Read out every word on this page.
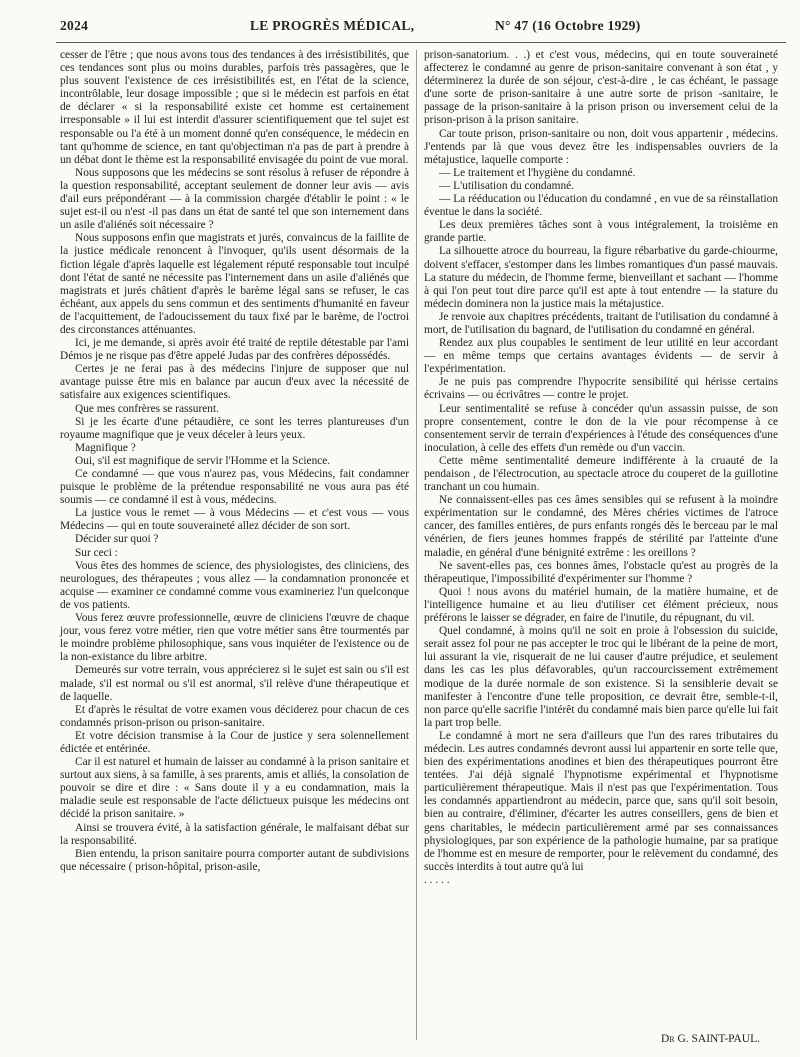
2024	LE PROGRÈS MÉDICAL,	N° 47 (16 Octobre 1929)

cesser de l'être ; que nous avons tous des tendances à des irrésistibilités, que ces tendances sont plus ou moins durables, parfois très passagères, que le plus souvent l'existence de ces irrésistibilités est, en l'état de la science, incontrôlable, leur dosage impossible ; que si le médecin est parfois en état de déclarer « si la responsabilité existe cet homme est certainement irresponsable » il lui est interdit d'assurer scientifiquement que tel sujet est responsable ou l'a été à un moment donné qu'en conséquence, le médecin en tant qu'homme de science, en tant qu'objectiman n'a pas de part à prendre à un débat dont le thème est la responsabilité envisagée du point de vue moral.

Nous supposons que les médecins se sont résolus à refuser de répondre à la question responsabilité, acceptant seulement de donner leur avis — avis d'ail eurs prépondérant — à la commission chargée d'établir le point : « le sujet est-il ou n'est -il pas dans un état de santé tel que son internement dans un asile d'aliénés soit nécessaire ?

Nous supposons enfin que magistrats et jurés, convaincus de la faillite de la justice médicale renoncent à l'invoquer, qu'ils usent désormais de la fiction légale d'après laquelle est légalement réputé responsable tout inculpé dont l'état de santé ne nécessite pas l'internement dans un asile d'aliénés que magistrats et jurés châtient d'après le barème légal sans se refuser, le cas échéant, aux appels du sens commun et des sentiments d'humanité en faveur de l'acquittement, de l'adoucissement du taux fixé par le barème, de l'octroi des circonstances atténuantes.

Ici, je me demande, si après avoir été traité de reptile détestable par l'ami Démos je ne risque pas d'être appelé Judas par des confrères dépossédés.

Certes je ne ferai pas à des médecins l'injure de supposer que nul avantage puisse être mis en balance par aucun d'eux avec la nécessité de satisfaire aux exigences scientifiques.

Que mes confrères se rassurent.

Si je les écarte d'une pétaudière, ce sont les terres plantureuses d'un royaume magnifique que je veux déceler à leurs yeux.

Magnifique ?

Oui, s'il est magnifique de servir l'Homme et la Science.

Ce condamné — que vous n'aurez pas, vous Médecins, fait condamner puisque le problème de la prétendue responsabilité ne vous aura pas été soumis — ce condamné il est à vous, médecins.

La justice vous le remet — à vous Médecins — et c'est vous — vous Médecins — qui en toute souveraineté allez décider de son sort.

Décider sur quoi ?

Sur ceci :

Vous êtes des hommes de science, des physiologistes, des cliniciens, des neurologues, des thérapeutes ; vous allez — la condamnation prononcée et acquise — examiner ce condamné comme vous examineriez l'un quelconque de vos patients.

Vous ferez œuvre professionnelle, œuvre de cliniciens l'œuvre de chaque jour, vous ferez votre métier, rien que votre métier sans être tourmentés par le moindre problème philosophique, sans vous inquiéter de l'existence ou de la non-existance du libre arbitre.

Demeurés sur votre terrain, vous apprécierez si le sujet est sain ou s'il est malade, s'il est normal ou s'il est anormal, s'il relève d'une thérapeutique et de laquelle.

Et d'après le résultat de votre examen vous déciderez pour chacun de ces condamnés prison-prison ou prison-sanitaire.

Et votre décision transmise à la Cour de justice y sera solennellement édictée et entérinée.

Car il est naturel et humain de laisser au condamné à la prison sanitaire et surtout aux siens, à sa famille, à ses prarents, amis et alliés, la consolation de pouvoir se dire et dire : « Sans doute il y a eu condamnation, mais la maladie seule est responsable de l'acte délictueux puisque les médecins ont décidé la prison sanitaire. »

Ainsi se trouvera évité, à la satisfaction générale, le malfaisant débat sur la responsabilité.

Bien entendu, la prison sanitaire pourra comporter autant de subdivisions que nécessaire ( prison-hôpital, prison-asile,

prison-sanatorium. . .) et c'est vous, médecins, qui en toute souveraineté affecterez le condamné au genre de prison-sanitaire convenant à son état , y déterminerez la durée de son séjour, c'est-à-dire , le cas échéant, le passage d'une sorte de prison-sanitaire à une autre sorte de prison -sanitaire, le passage de la prison-sanitaire à la prison prison ou inversement celui de la prison-prison à la prison sanitaire.

Car toute prison, prison-sanitaire ou non, doit vous appartenir , médecins. J'entends par là que vous devez être les indispensables ouvriers de la métajustice, laquelle comporte :

— Le traitement et l'hygiène du condamné.

— L'utilisation du condamné.

— La rééducation ou l'éducation du condamné , en vue de sa réinstallation éventue le dans la société.

Les deux premières tâches sont à vous intégralement, la troisième en grande partie.

La silhouette atroce du bourreau, la figure rébarbative du garde-chiourme, doivent s'effacer, s'estomper dans les limbes romantiques d'un passé mauvais. La stature du médecin, de l'homme ferme, bienveillant et sachant — l'homme à qui l'on peut tout dire parce qu'il est apte à tout entendre — la stature du médecin dominera non la justice mais la métajustice.

Je renvoie aux chapitres précédents, traitant de l'utilisation du condamné à mort, de l'utilisation du bagnard, de l'utilisation du condamné en général.

Rendez aux plus coupables le sentiment de leur utilité en leur accordant — en même temps que certains avantages évidents — de servir à l'expérimentation.

Je ne puis pas comprendre l'hypocrite sensibilité qui hérisse certains écrivains — ou écrivâtres — contre le projet.

Leur sentimentalité se refuse à concéder qu'un assassin puisse, de son propre consentement, contre le don de la vie pour récompense à ce consentement servir de terrain d'expériences à l'étude des conséquences d'une inoculation, à celle des effets d'un remède ou d'un vaccin.

Cette même sentimentalité demeure indifférente à la cruauté de la pendaison , de l'électrocution, au spectacle atroce du couperet de la guillotine tranchant un cou humain.

Ne connaissent-elles pas ces âmes sensibles qui se refusent à la moindre expérimentation sur le condamné, des Mères chéries victimes de l'atroce cancer, des familles entières, de purs enfants rongés dès le berceau par le mal vénérien, de fiers jeunes hommes frappés de stérilité par l'atteinte d'une maladie, en général d'une bénignité extrême : les oreillons ?

Ne savent-elles pas, ces bonnes âmes, l'obstacle qu'est au progrès de la thérapeutique, l'impossibilité d'expérimenter sur l'homme ?

Quoi ! nous avons du matériel humain, de la matière humaine, et de l'intelligence humaine et au lieu d'utiliser cet élément précieux, nous préférons le laisser se dégrader, en faire de l'inutile, du répugnant, du vil.

Quel condamné, à moins qu'il ne soit en proie à l'obsession du suicide, serait assez fol pour ne pas accepter le troc qui le libérant de la peine de mort, lui assurant la vie, risquerait de ne lui causer d'autre préjudice, et seulement dans les cas les plus défavorables, qu'un raccourcissement extrêmement modique de la durée normale de son existence. Si la sensiblerie devait se manifester à l'encontre d'une telle proposition, ce devrait être, semble-t-il, non parce qu'elle sacrifie l'intérêt du condamné mais bien parce qu'elle lui fait la part trop belle.

Le condamné à mort ne sera d'ailleurs que l'un des rares tributaires du médecin. Les autres condamnés devront aussi lui appartenir en sorte telle que, bien des expérimentations anodines et bien des thérapeutiques pourront être tentées. J'ai déjà signalé l'hypnotisme expérimental et l'hypnotisme particulièrement thérapeutique. Mais il n'est pas que l'expérimentation. Tous les condamnés appartiendront au médecin, parce que, sans qu'il soit besoin, bien au contraire, d'éliminer, d'écarter les autres conseillers, gens de bien et gens charitables, le médecin particulièrement armé par ses connaissances physiologiques, par son expérience de la pathologie humaine, par sa pratique de l'homme est en mesure de remporter, pour le relèvement du condamné, des succès interdits à tout autre qu'à lui

. . . . .

Dr G. SAINT-PAUL.
